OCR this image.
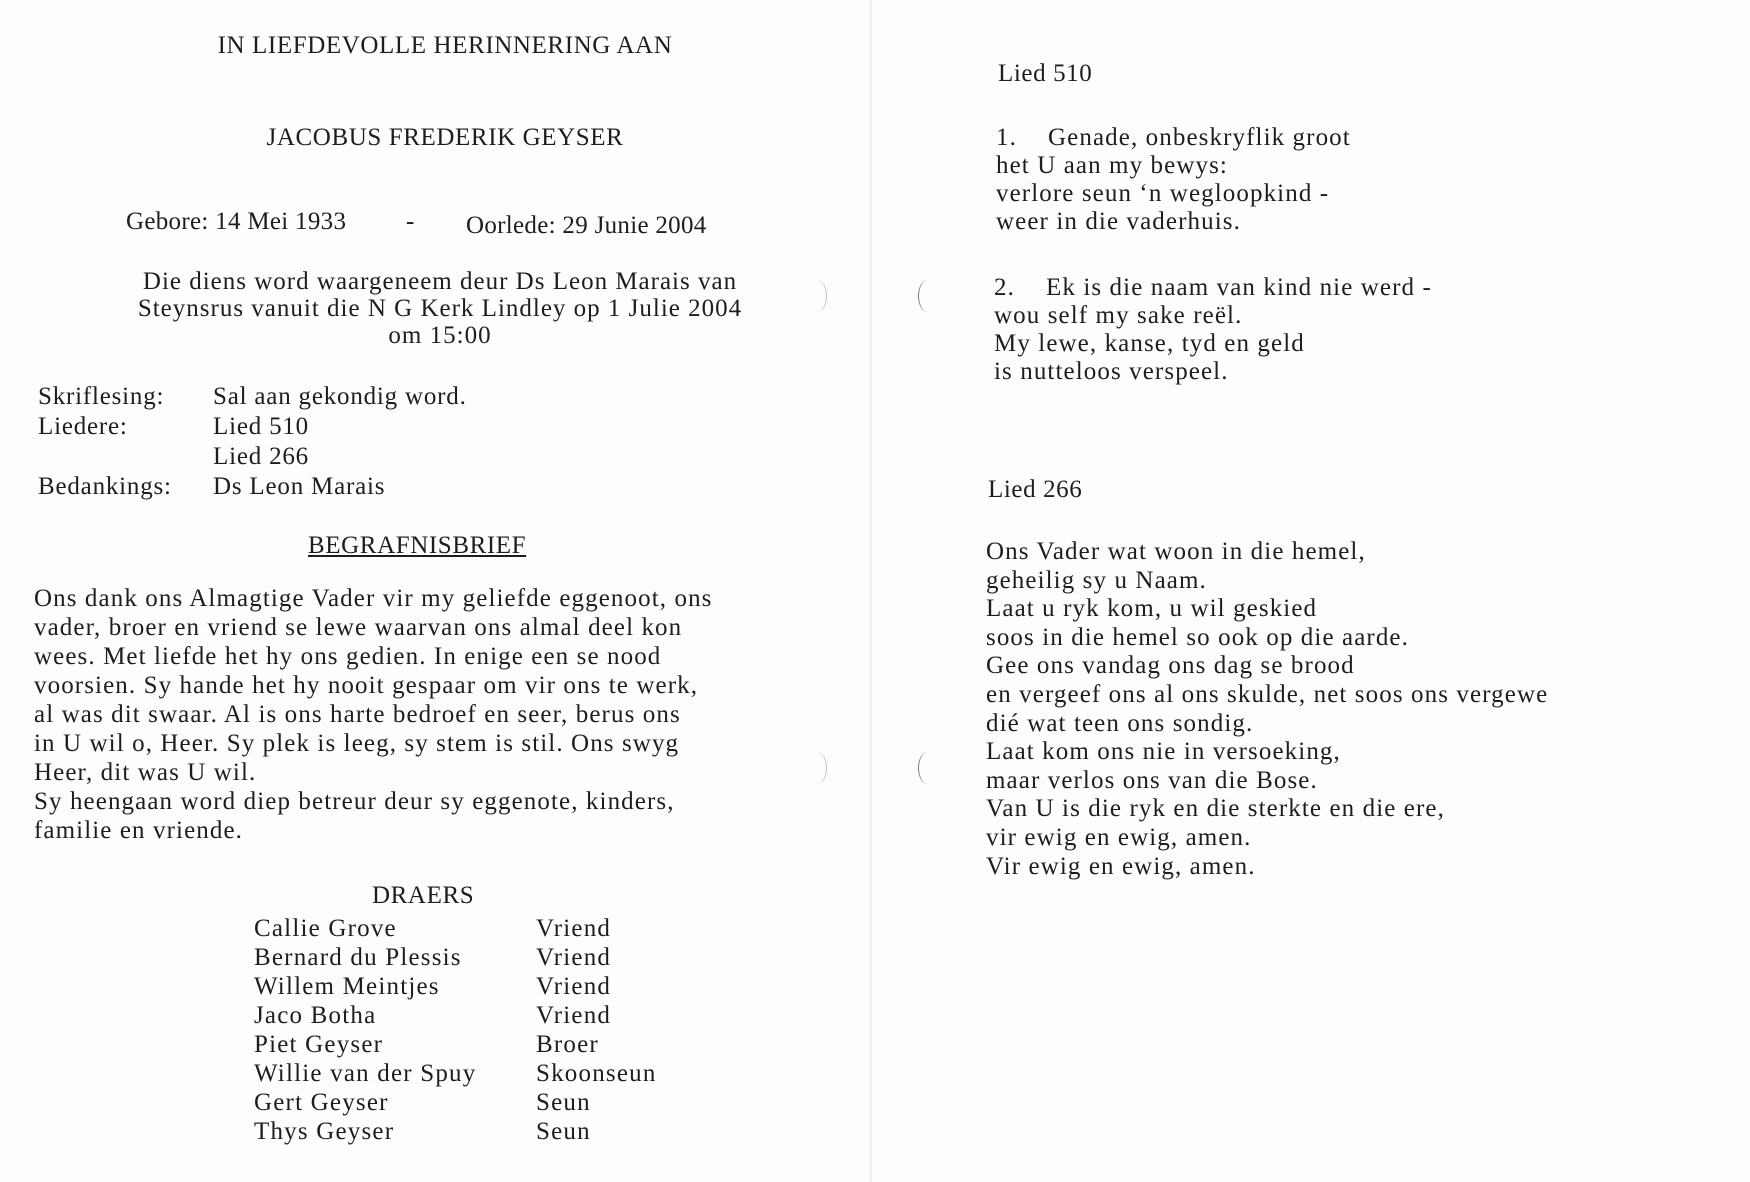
IN LIEFDEVOLLE HERINNERING AAN
JACOBUS FREDERIK GEYSER
Gebore: 14 Mei 1933 - Oorlede: 29 Junie 2004
Die diens word waargeneem deur Ds Leon Marais van
Steynsrus vanuit die N G Kerk Lindley op 1 Julie 2004
om 15:00
Skriflesing:	Sal aan gekondig word.
Liedere:	Lied 510
Lied 266
Bedankings:	Ds Leon Marais
BEGRAFNISBRIEF

Ons dank ons Almagtige Vader vir my geliefde eggenoot, ons

vader, broer en vriend se lewe waarvan ons almal deel kon

wees. Met liefde het hy ons gedien. In enige een se nood

voorsien. Sy hande het hy nooit gespaar om vir ons te werk,

al was dit swaar. Al is ons harte bedroef en seer, berus ons

in U wil o, Heer. Sy plek is leeg, sy stem is stil. Ons swyg

Heer, dit was U wil.

Sy heengaan word diep betreur deur sy eggenote, kinders,

familie en vriende.

DRAERS
Callie Grove	Vriend
Bernard du Plessis	Vriend
Willem Meintjes	Vriend
Jaco Botha	Vriend
Piet Geyser	Broer
Willie van der Spuy	Skoonseun
Gert Geyser	Seun
Thys Geyser	Seun
Lied 510
1. Genade, onbeskryflik groot
het U aan my bewys:
verlore seun ‘n wegloopkind -
weer in die vaderhuis.
2. Ek is die naam van kind nie werd -
wou self my sake reël.
My lewe, kanse, tyd en geld
is nutteloos verspeel.
Lied 266
Ons Vader wat woon in die hemel,
geheilig sy u Naam.
Laat u ryk kom, u wil geskied
soos in die hemel so ook op die aarde.
Gee ons vandag ons dag se brood
en vergeef ons al ons skulde, net soos ons vergewe
dié wat teen ons sondig.
Laat kom ons nie in versoeking,
maar verlos ons van die Bose.
Van U is die ryk en die sterkte en die ere,
vir ewig en ewig, amen.
Vir ewig en ewig, amen.
